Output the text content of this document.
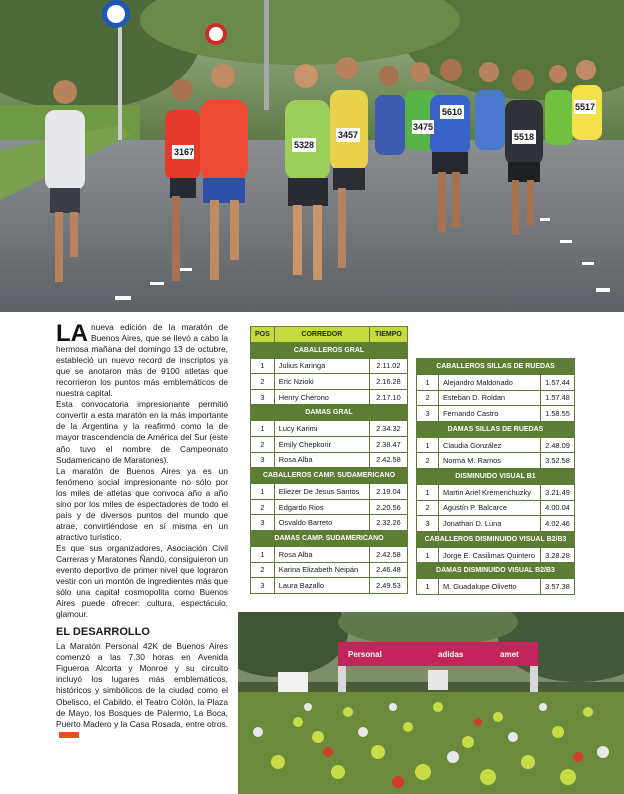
3167
5328
3457
5610
5518
3475
5517

LA nueva edición de la maratón de Buenos Aires, que se llevó a cabo la hermosa mañana del domingo 13 de octubre, estableció un nuevo record de inscriptos ya que se anotaron más de 9100 atletas que recorrieron los puntos más emblemáticos de nuestra capital.

Esta convocatoria impresionante permitió convertir a esta maratón en la más importante de la Argentina y la reafirmó como la de mayor trascendencia de América del Sur (este año tuvo el nombre de Campeonato Sudamericano de Maratones).

La maratón de Buenos Aires ya es un fenómeno social impresionante no sólo por los miles de atletas que convoca año a año sino por los miles de espectadores de todo el país y de diversos puntos del mundo que atrae, convirtiéndose en sí misma en un atractivo turístico.

Es que sus organizadores, Asociación Civil Carreras y Maratones Ñandú, consiguieron un evento deportivo de primer nivel que lograron vestir con un montón de ingredientes más que sólo una capital cosmopolita como Buenos Aires puede ofrecer: cultura, espectáculo, glamour.

EL DESARROLLO

La Maratón Personal 42K de Buenos Aires comenzó a las 7.30 horas en Avenida Figueroa Alcorta y Monroe y su circuito incluyó los lugares más emblemáticos, históricos y simbólicos de la ciudad como el Obelisco, el Cabildo, el Teatro Colón, la Plaza de Mayo, los Bosques de Palermo, La Boca, Puerto Madero y la Casa Rosada, entre otros.

POS	CORREDOR	TIEMPO
CABALLEROS GRAL		
1	Julius Karinga	2.11.02
2	Eric Nzioki	2.16.28
3	Henry Cherono	2.17.10
DAMAS GRAL		
1	Lucy Karimi	2.34.32
2	Emily Chepkorir	2.38.47
3	Rosa Alba	2.42.58
CABALLEROS CAMP. SUDAMERICANO		
1	Eliezer De Jesus Santos	2.19.04
2	Edgardo Rios	2.20.56
3	Osvaldo Barreto	2.32.26
DAMAS CAMP. SUDAMERICANO		
1	Rosa Alba	2.42.58
2	Karina Elizabeth Neipán	2.46.48
3	Laura Bazallo	2.49.53
CABALLEROS SILLAS DE RUEDAS		
1	Alejandro Maldonado	1.57.44
2	Esteban D. Roldan	1.57.48
3	Fernando Castro	1.58.55
DAMAS SILLAS DE RUEDAS		
1	Claudia González	2.48.09
2	Norma M. Ramos	3.52.58
DISMINUIDO VISUAL B1		
1	Martin Ariel Kremenchuzky	3.21.49
2	Agustín P. Balcarce	4.00.04
3	Jonathan D. Luna	4.02.46
CABALLEROS DISMINUIDO VISUAL B2/B3		
1	Jorge E. Casilimas Quintero	3.28.28
DAMAS DISMINUIDO VISUAL B2/B3		
1	M. Guadalupe Olivetto	3.57.38
Personal	adidas	amet
